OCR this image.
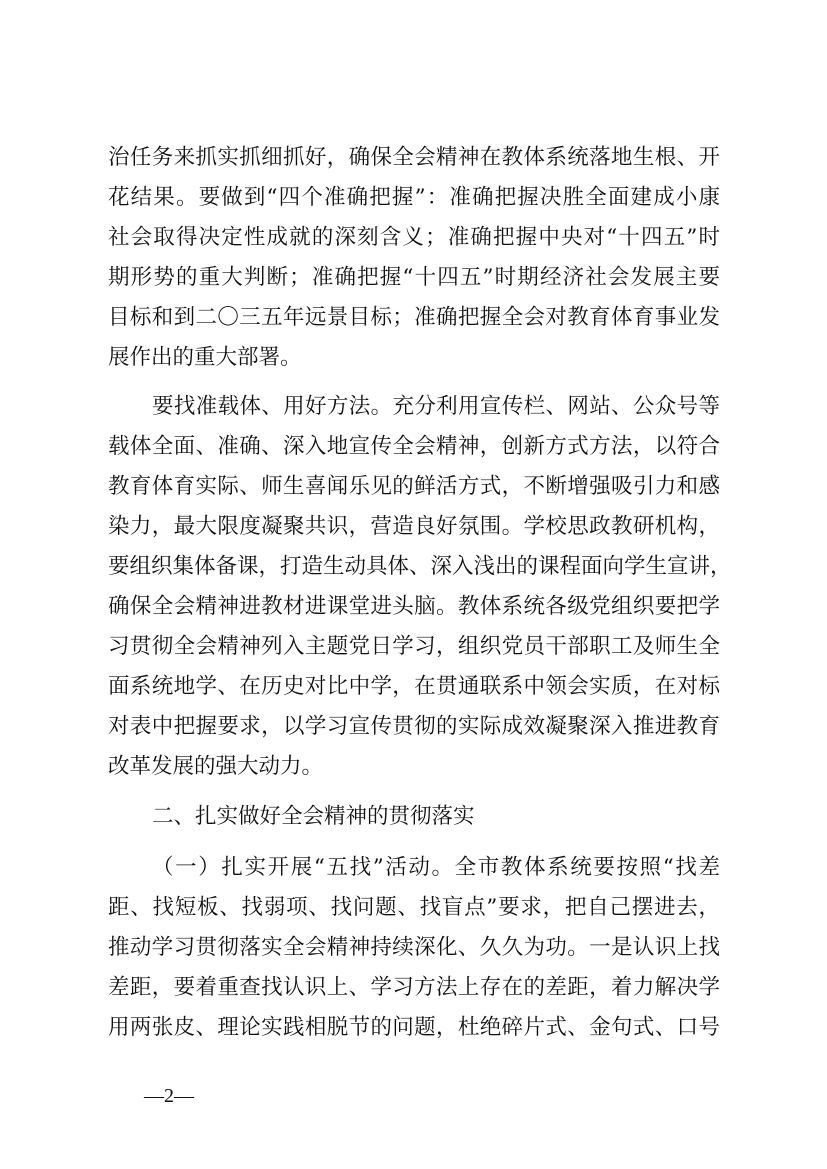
治任务来抓实抓细抓好，确保全会精神在教体系统落地生根、开
花结果。要做到“四个准确把握”：准确把握决胜全面建成小康
社会取得决定性成就的深刻含义；准确把握中央对“十四五”时
期形势的重大判断；准确把握“十四五”时期经济社会发展主要
目标和到二〇三五年远景目标；准确把握全会对教育体育事业发
展作出的重大部署。
要找准载体、用好方法。充分利用宣传栏、网站、公众号等
载体全面、准确、深入地宣传全会精神，创新方式方法，以符合
教育体育实际、师生喜闻乐见的鲜活方式，不断增强吸引力和感
染力，最大限度凝聚共识，营造良好氛围。学校思政教研机构，
要组织集体备课，打造生动具体、深入浅出的课程面向学生宣讲，
确保全会精神进教材进课堂进头脑。教体系统各级党组织要把学
习贯彻全会精神列入主题党日学习，组织党员干部职工及师生全
面系统地学、在历史对比中学，在贯通联系中领会实质，在对标
对表中把握要求，以学习宣传贯彻的实际成效凝聚深入推进教育
改革发展的强大动力。
二、扎实做好全会精神的贯彻落实
（一）扎实开展“五找”活动。全市教体系统要按照“找差
距、找短板、找弱项、找问题、找盲点”要求，把自己摆进去，
推动学习贯彻落实全会精神持续深化、久久为功。一是认识上找
差距，要着重查找认识上、学习方法上存在的差距，着力解决学
用两张皮、理论实践相脱节的问题，杜绝碎片式、金句式、口号
—2—
